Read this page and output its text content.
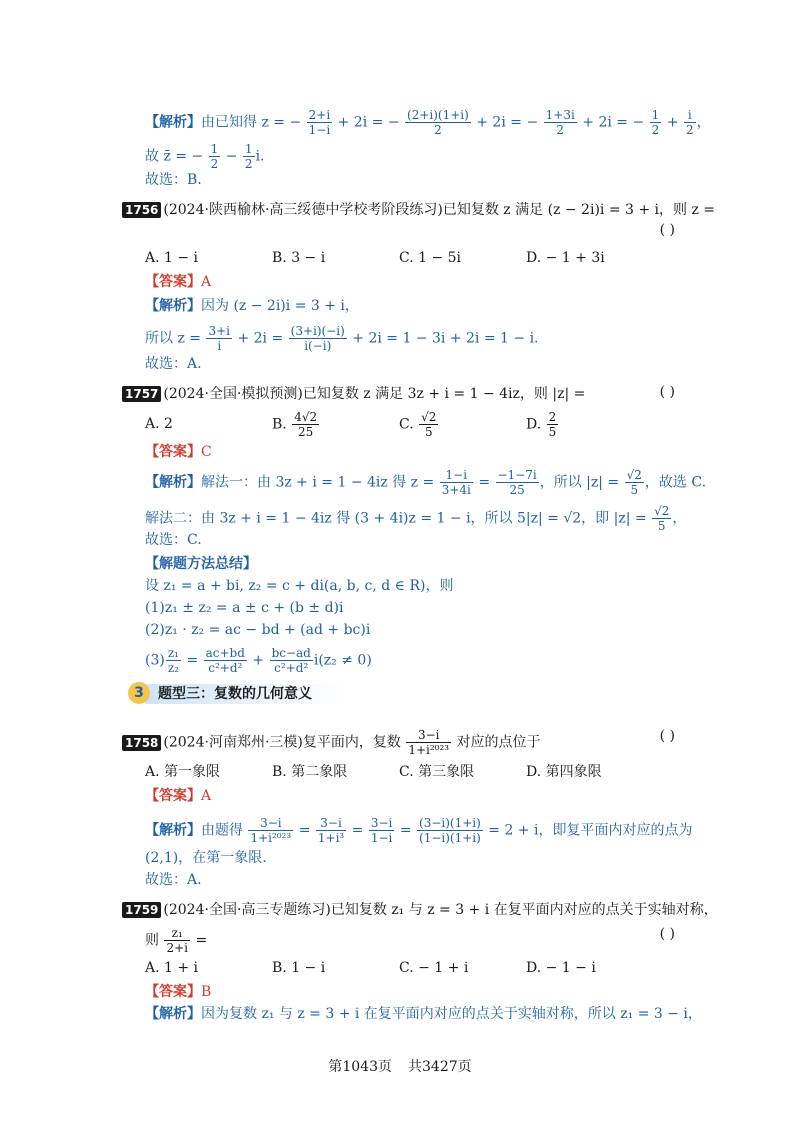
【解析】由已知得 z = − $\frac{2+i}{1-i} + 2i$ = − $\frac{(2+i)(1+i)}{2} + 2i$ = − $\frac{1+3i}{2} + 2i$ = − $\frac{1}{2} + \frac{i}{2}$ ，
故 z̄ = − $\frac{1}{2} - \frac{1}{2} i$.
故选：B.
1756 (2024·陕西榆林·高三绥德中学校考阶段练习)已知复数 z 满足 (z − 2i)i = 3 + i，则 z =
( )
A. 1 − i	B. 3 − i	C. 1 − 5i	D. − 1 + 3i
【答案】A
【解析】因为 (z − 2i)i = 3 + i，
所以 $z = \frac{3+i}{i} + 2i = \frac{(3+i)(-i)}{i(-i)} + 2i = 1 - 3i + 2i = 1 - i$.
故选：A.
1757 (2024·全国·模拟预测)已知复数 z 满足 3z + i = 1 − 4iz，则 |z| =	( )
A. 2	B. $\frac{4√2}{25}$	C. $\frac{√2}{5}$	D. $\frac{2}{5}$
【答案】C
【解析】解法一：由 3z + i = 1 − 4iz 得 $z = \frac{1-i}{3+4i} = \frac{-1-7i}{25}$ ，所以 $|z| = \frac{√2}{5}$ ，故选 C.
解法二：由 3z + i = 1 − 4iz 得 (3 + 4i)z = 1 − i，所以 5|z| = √2，即 $|z| = \frac{√2}{5}$ ，
故选：C.
【解题方法总结】
设 z₁ = a + bi, z₂ = c + di(a, b, c, d ∈ R)，则
(1)z₁ ± z₂ = a ± c + (b ± d)i
(2)z₁ · z₂ = ac − bd + (ad + bc)i
$(3) \frac{\text{z₁}}{\text{z₂}} = \frac{ac+bd}{\text{c²+d²}} + \frac{bc-ad}{\text{c²+d²}} i(z_2 \ne 0)$
3	题型三：复数的几何意义
1758 (2024·河南郑州·三模)复平面内，复数 $\frac{3-i}{\text{1+i²⁰²³}}$ 对应的点位于	( )
A. 第一象限	B. 第二象限	C. 第三象限	D. 第四象限
【答案】A
【解析】由题得 $\frac{3-i}{\text{1+i²⁰²³}} = \frac{3-i}{\text{1+i³}} = \frac{3-i}{1-i} = \frac{(3-i)(1+i)}{(1-i)(1+i)} = 2 + i$，即复平面内对应的点为
(2,1)，在第一象限.
故选：A.
1759 (2024·全国·高三专题练习)已知复数 z₁ 与 z = 3 + i 在复平面内对应的点关于实轴对称，
则 $\frac{\text{z₁}}{2+i}$ =	( )
A. 1 + i	B. 1 − i	C. − 1 + i	D. − 1 − i
【答案】B
【解析】因为复数 z₁ 与 z = 3 + i 在复平面内对应的点关于实轴对称，所以 z₁ = 3 − i，
第1043页 共3427页
